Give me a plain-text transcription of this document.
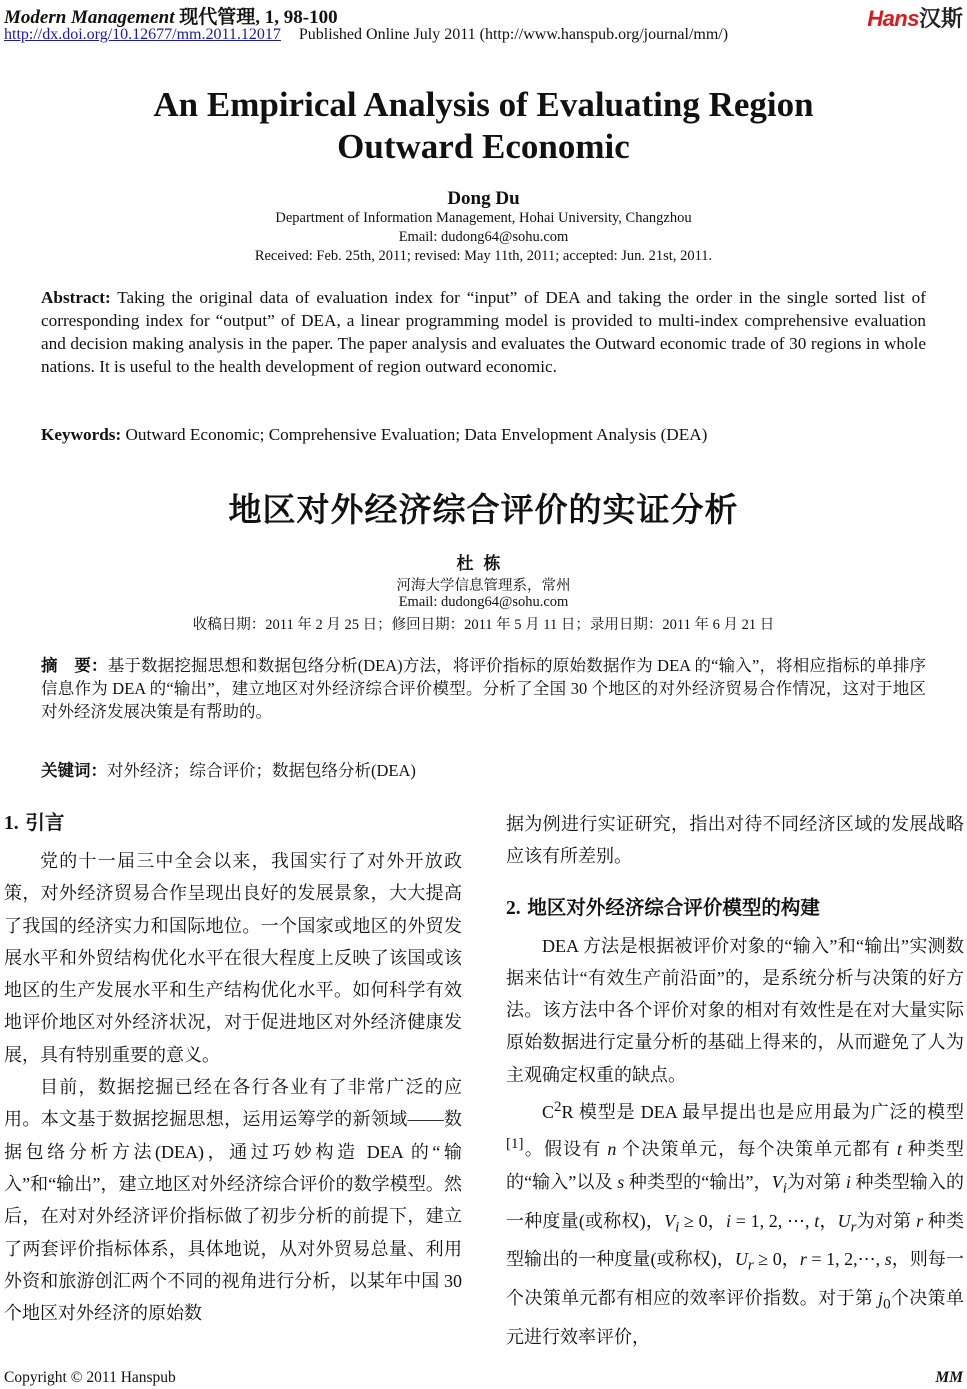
Modern Management 现代管理, 1, 98-100
http://dx.doi.org/10.12677/mm.2011.12017 Published Online July 2011 (http://www.hanspub.org/journal/mm/)
Hans汉斯
An Empirical Analysis of Evaluating Region
Outward Economic
Dong Du
Department of Information Management, Hohai University, Changzhou
Email: dudong64@sohu.com
Received: Feb. 25th, 2011; revised: May 11th, 2011; accepted: Jun. 21st, 2011.
Abstract: Taking the original data of evaluation index for “input” of DEA and taking the order in the single sorted list of corresponding index for “output” of DEA, a linear programming model is provided to multi-index comprehensive evaluation and decision making analysis in the paper. The paper analysis and evaluates the Outward economic trade of 30 regions in whole nations. It is useful to the health development of region outward economic.
Keywords: Outward Economic; Comprehensive Evaluation; Data Envelopment Analysis (DEA)
地区对外经济综合评价的实证分析
杜栋
河海大学信息管理系，常州
Email: dudong64@sohu.com
收稿日期：2011 年 2 月 25 日；修回日期：2011 年 5 月 11 日；录用日期：2011 年 6 月 21 日
摘　要：基于数据挖掘思想和数据包络分析(DEA)方法，将评价指标的原始数据作为 DEA 的“输入”，将相应指标的单排序信息作为 DEA 的“输出”，建立地区对外经济综合评价模型。分析了全国 30 个地区的对外经济贸易合作情况，这对于地区对外经济发展决策是有帮助的。
关键词：对外经济；综合评价；数据包络分析(DEA)
1. 引言

党的十一届三中全会以来，我国实行了对外开放政策，对外经济贸易合作呈现出良好的发展景象，大大提高了我国的经济实力和国际地位。一个国家或地区的外贸发展水平和外贸结构优化水平在很大程度上反映了该国或该地区的生产发展水平和生产结构优化水平。如何科学有效地评价地区对外经济状况，对于促进地区对外经济健康发展，具有特别重要的意义。

目前，数据挖掘已经在各行各业有了非常广泛的应用。本文基于数据挖掘思想，运用运筹学的新领域——数据包络分析方法(DEA)，通过巧妙构造 DEA 的“输入”和“输出”，建立地区对外经济综合评价的数学模型。然后，在对对外经济评价指标做了初步分析的前提下，建立了两套评价指标体系，具体地说，从对外贸易总量、利用外资和旅游创汇两个不同的视角进行分析，以某年中国 30 个地区对外经济的原始数

据为例进行实证研究，指出对待不同经济区域的发展战略应该有所差别。

2. 地区对外经济综合评价模型的构建

DEA 方法是根据被评价对象的“输入”和“输出”实测数据来估计“有效生产前沿面”的，是系统分析与决策的好方法。该方法中各个评价对象的相对有效性是在对大量实际原始数据进行定量分析的基础上得来的，从而避免了人为主观确定权重的缺点。

$C^2R$ 模型是 DEA 最早提出也是应用最为广泛的模型[1]。假设有 n 个决策单元，每个决策单元都有 t 种类型的“输入”以及 s 种类型的“输出”，$V_i$为对第 i 种类型输入的一种度量(或称权)，$V_i \ge 0$，i = 1, 2, ⋯, t，$U_r$为对第 r 种类型输出的一种度量(或称权)，$U_r \ge 0$，r = 1, 2,⋯, s，则每一个决策单元都有相应的效率评价指数。对于第 $j_0$个决策单元进行效率评价，

Copyright © 2011 Hanspub	MM
